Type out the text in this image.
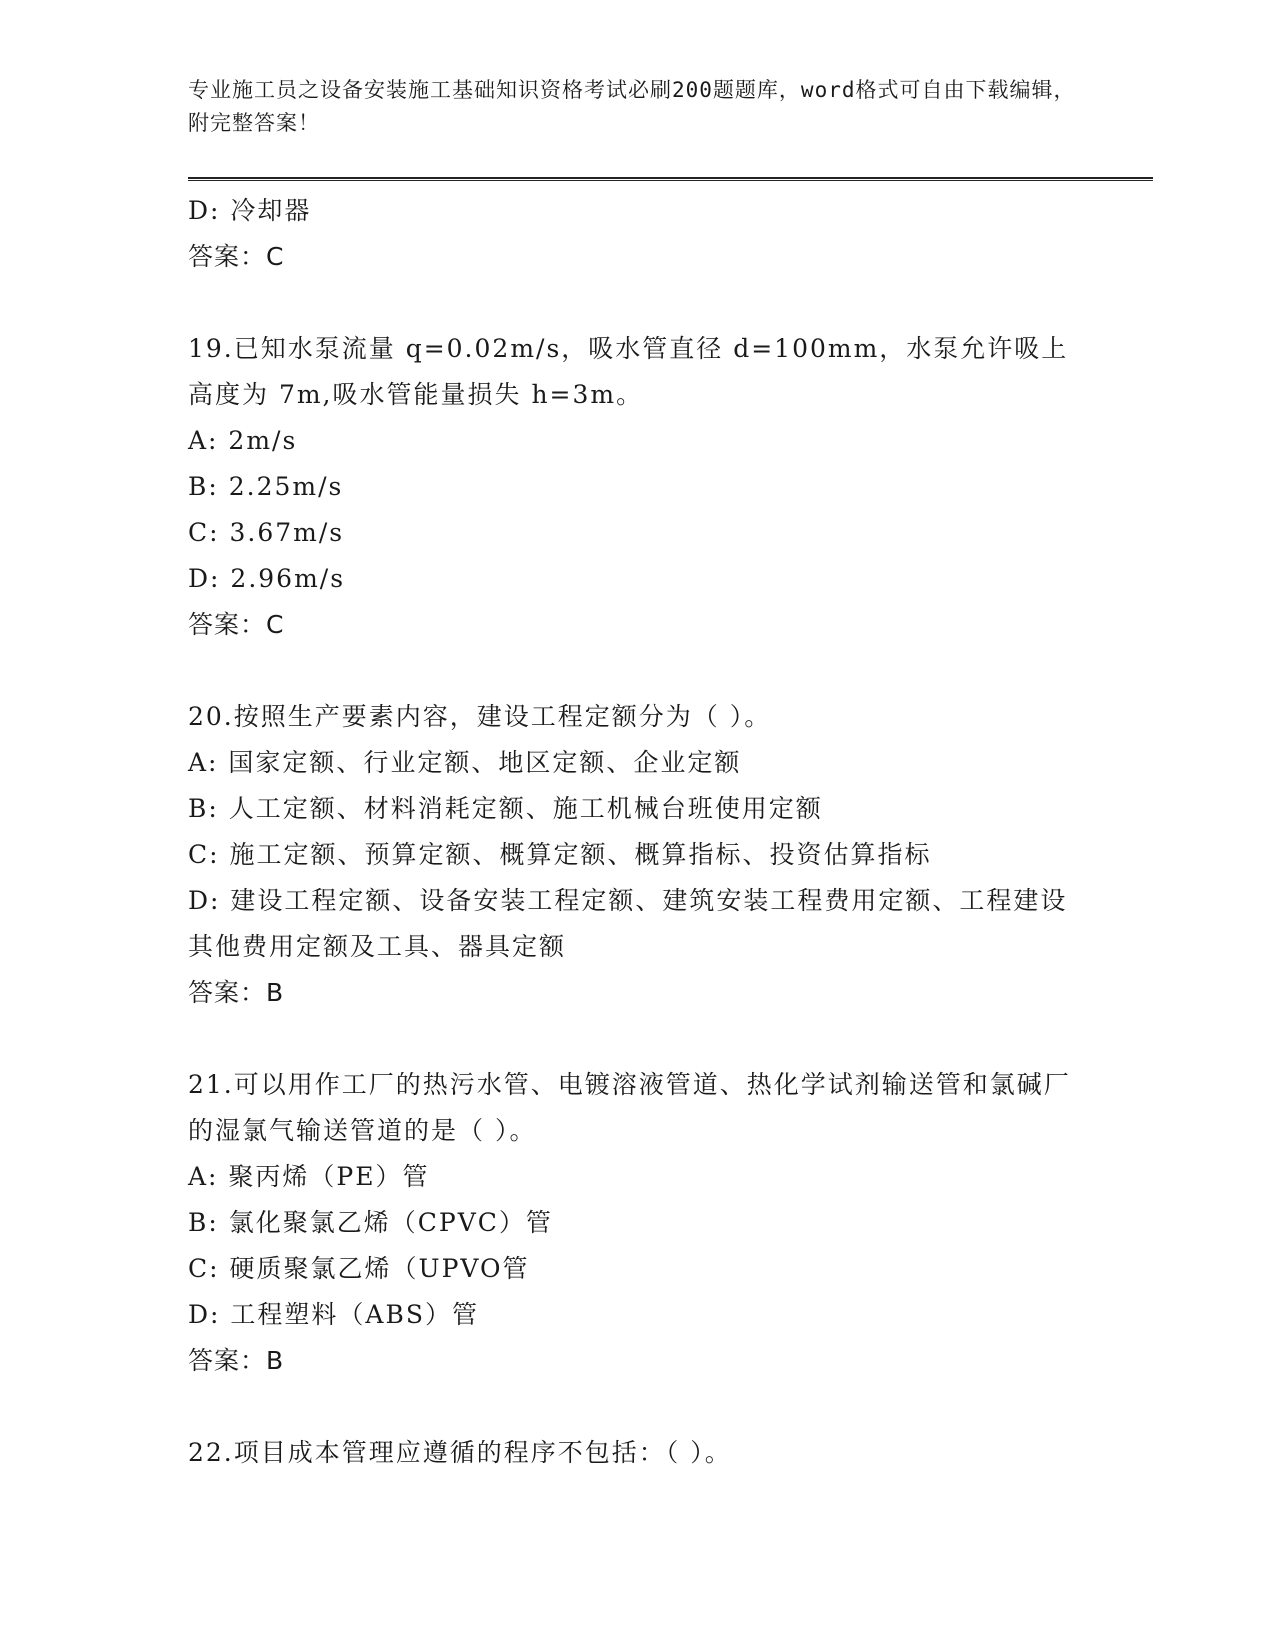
专业施工员之设备安装施工基础知识资格考试必刷200题题库，word格式可自由下载编辑，附完整答案！
D: 冷却器
答案：C
19.已知水泵流量 q=0.02m/s，吸水管直径 d=100mm，水泵允许吸上高度为 7m,吸水管能量损失 h=3m。
A: 2m/s
B: 2.25m/s
C: 3.67m/s
D: 2.96m/s
答案：C
20.按照生产要素内容，建设工程定额分为（ ）。
A: 国家定额、行业定额、地区定额、企业定额
B: 人工定额、材料消耗定额、施工机械台班使用定额
C: 施工定额、预算定额、概算定额、概算指标、投资估算指标
D: 建设工程定额、设备安装工程定额、建筑安装工程费用定额、工程建设其他费用定额及工具、器具定额
答案：B
21.可以用作工厂的热污水管、电镀溶液管道、热化学试剂输送管和氯碱厂的湿氯气输送管道的是（ ）。
A: 聚丙烯（PE）管
B: 氯化聚氯乙烯（CPVC）管
C: 硬质聚氯乙烯（UPVO管
D: 工程塑料（ABS）管
答案：B
22.项目成本管理应遵循的程序不包括：（ ）。
